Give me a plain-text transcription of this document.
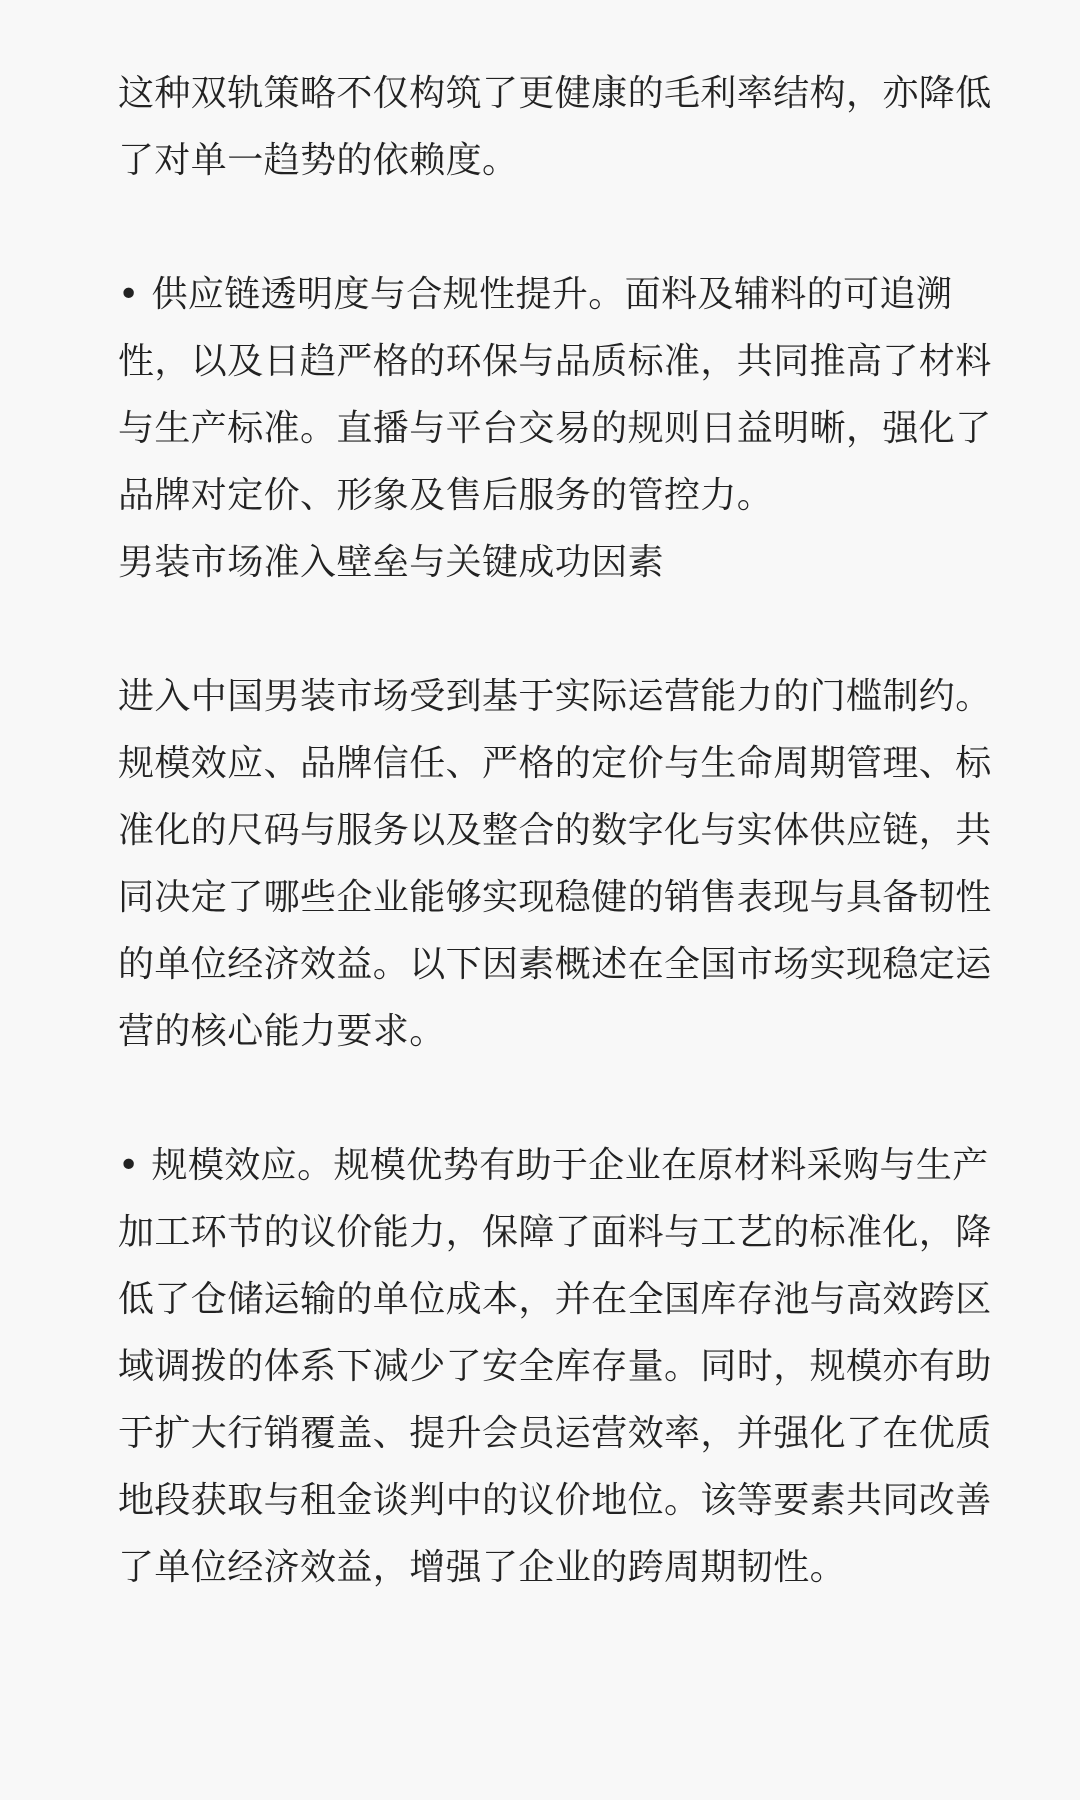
这种双轨策略不仅构筑了更健康的毛利率结构，亦降低了对单一趋势的依赖度。

• 供应链透明度与合规性提升。面料及辅料的可追溯性，以及日趋严格的环保与品质标准，共同推高了材料与生产标准。直播与平台交易的规则日益明晰，强化了品牌对定价、形象及售后服务的管控力。

男装市场准入壁垒与关键成功因素

进入中国男装市场受到基于实际运营能力的门槛制约。规模效应、品牌信任、严格的定价与生命周期管理、标准化的尺码与服务以及整合的数字化与实体供应链，共同决定了哪些企业能够实现稳健的销售表现与具备韧性的单位经济效益。以下因素概述在全国市场实现稳定运营的核心能力要求。

• 规模效应。规模优势有助于企业在原材料采购与生产加工环节的议价能力，保障了面料与工艺的标准化，降低了仓储运输的单位成本，并在全国库存池与高效跨区域调拨的体系下减少了安全库存量。同时，规模亦有助于扩大行销覆盖、提升会员运营效率，并强化了在优质地段获取与租金谈判中的议价地位。该等要素共同改善了单位经济效益，增强了企业的跨周期韧性。
